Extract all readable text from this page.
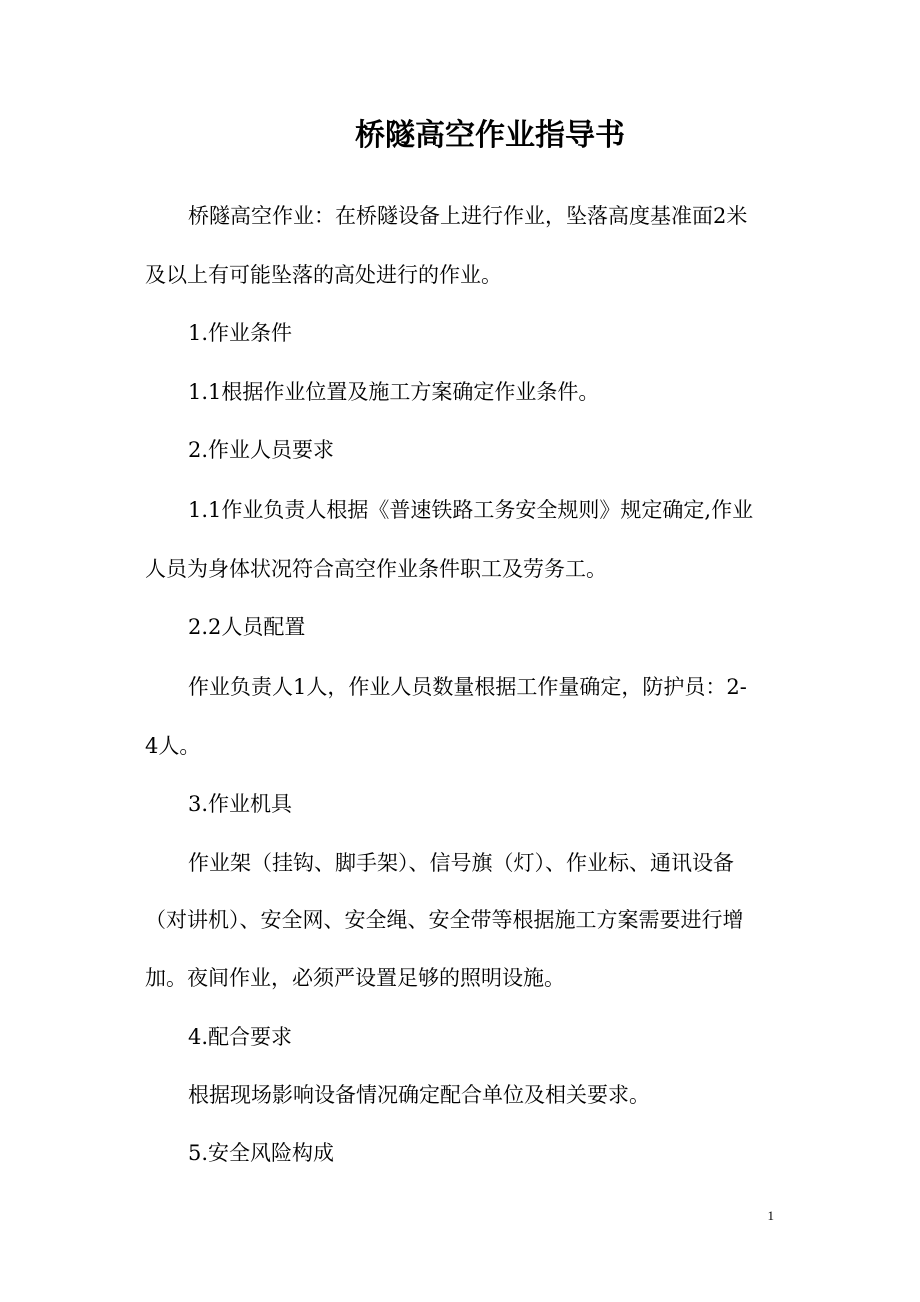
桥隧高空作业指导书

桥隧高空作业：在桥隧设备上进行作业，坠落高度基准面2米

及以上有可能坠落的高处进行的作业。

1.作业条件

1.1根据作业位置及施工方案确定作业条件。

2.作业人员要求

1.1作业负责人根据《普速铁路工务安全规则》规定确定,作业

人员为身体状况符合高空作业条件职工及劳务工。

2.2人员配置

作业负责人1人，作业人员数量根据工作量确定，防护员：2-

4人。

3.作业机具

作业架（挂钩、脚手架）、信号旗（灯）、作业标、通讯设备

（对讲机）、安全网、安全绳、安全带等根据施工方案需要进行增

加。夜间作业，必须严设置足够的照明设施。

4.配合要求

根据现场影响设备情况确定配合单位及相关要求。

5.安全风险构成

1
